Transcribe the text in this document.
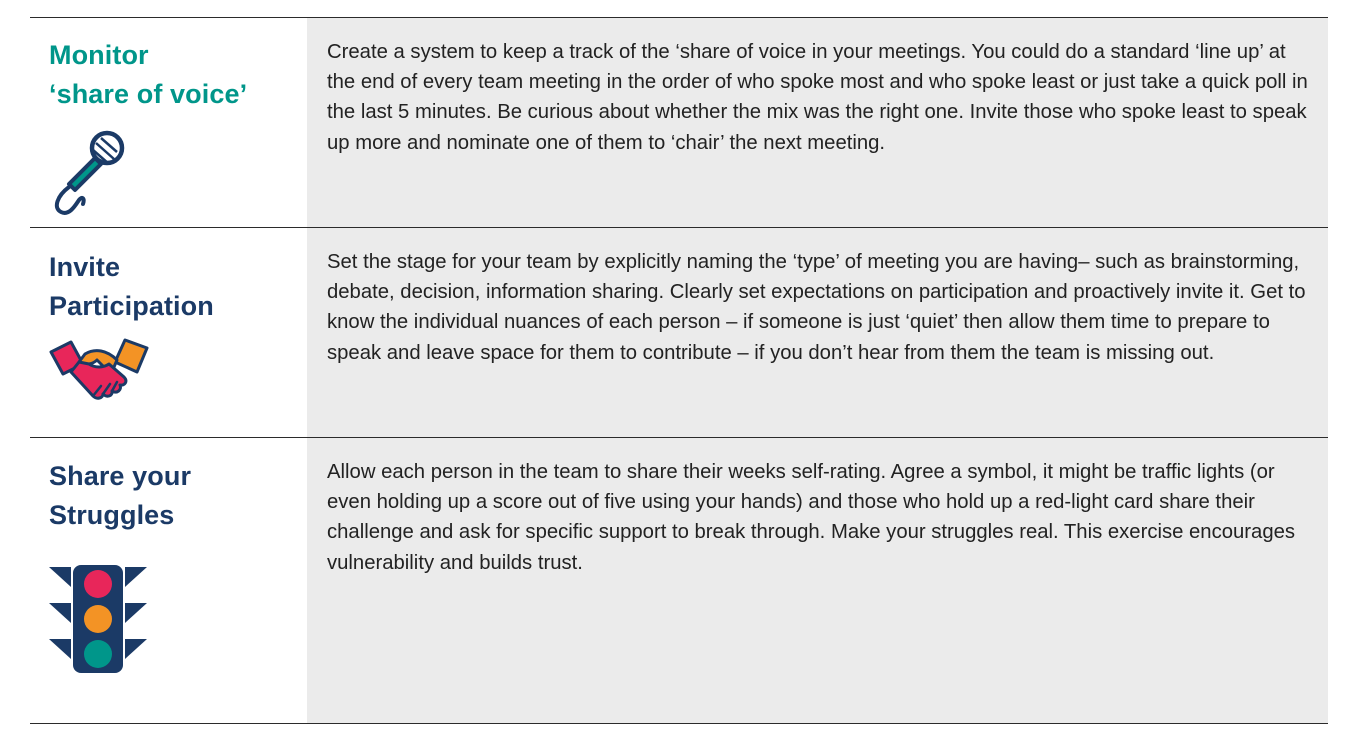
Monitor
‘share of voice’

Create a system to keep a track of the ‘share of voice in your meetings. You could do a standard ‘line up’ at the end of every team meeting in the order of who spoke most and who spoke least or just take a quick poll in the last 5 minutes. Be curious about whether the mix was the right one. Invite those who spoke least to speak up more and nominate one of them to ‘chair’ the next meeting.

Invite
Participation

Set the stage for your team by explicitly naming the ‘type’ of meeting you are having– such as brainstorming, debate, decision, information sharing. Clearly set expectations on participation and proactively invite it. Get to know the individual nuances of each person – if someone is just ‘quiet’ then allow them time to prepare to speak and leave space for them to contribute – if you don’t hear from them the team is missing out.

Share your
Struggles

Allow each person in the team to share their weeks self-rating. Agree a symbol, it might be traffic lights (or even holding up a score out of five using your hands) and those who hold up a red-light card share their challenge and ask for specific support to break through. Make your struggles real. This exercise encourages vulnerability and builds trust.
